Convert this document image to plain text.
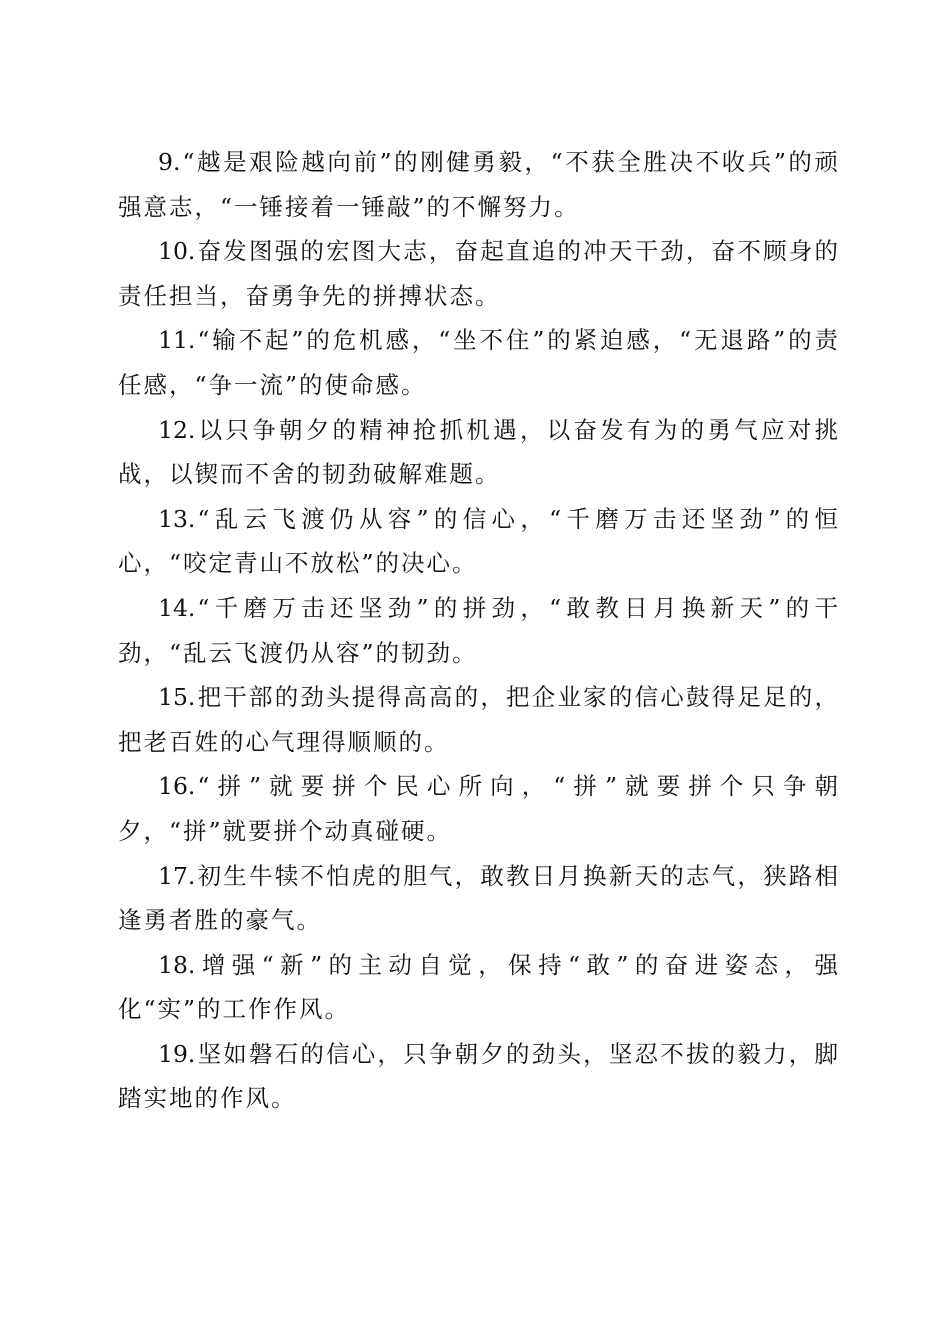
9.“越是艰险越向前”的刚健勇毅，“不获全胜决不收兵”的顽强意志，“一锤接着一锤敲”的不懈努力。

10.奋发图强的宏图大志，奋起直追的冲天干劲，奋不顾身的责任担当，奋勇争先的拼搏状态。

11.“输不起”的危机感，“坐不住”的紧迫感，“无退路”的责任感，“争一流”的使命感。

12.以只争朝夕的精神抢抓机遇，以奋发有为的勇气应对挑战，以锲而不舍的韧劲破解难题。

13.“乱云飞渡仍从容”的信心，“千磨万击还坚劲”的恒心，“咬定青山不放松”的决心。

14.“千磨万击还坚劲”的拼劲，“敢教日月换新天”的干劲，“乱云飞渡仍从容”的韧劲。

15.把干部的劲头提得高高的，把企业家的信心鼓得足足的，把老百姓的心气理得顺顺的。

16.“拼”就要拼个民心所向，“拼”就要拼个只争朝夕，“拼”就要拼个动真碰硬。

17.初生牛犊不怕虎的胆气，敢教日月换新天的志气，狭路相逢勇者胜的豪气。

18.增强“新”的主动自觉，保持“敢”的奋进姿态，强化“实”的工作作风。

19.坚如磐石的信心，只争朝夕的劲头，坚忍不拔的毅力，脚踏实地的作风。
